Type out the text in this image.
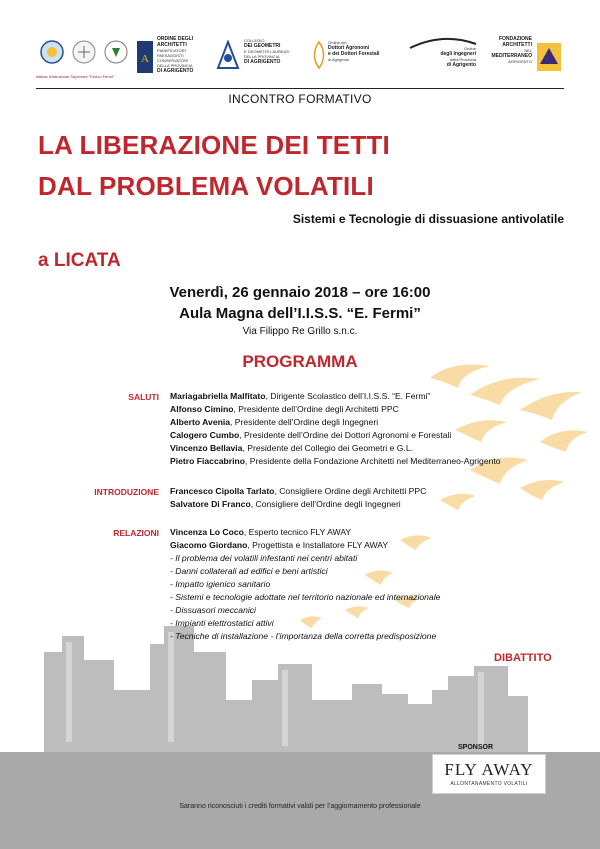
Istituto d'Istruzione Superiore "Enrico Fermi"
A
ORDINE DEGLI ARCHITETTI
PIANIFICATORI
PAESAGGISTI
CONSERVATORI
DELLA PROVINCIA
DI AGRIGENTO
COLLEGIO
DEI GEOMETRI
E GEOMETRI LAUREATI
DELLA PROVINCIA
DI AGRIGENTO
Ordine dei
Dottori Agronomi
e dei Dottori Forestali
di Agrigento
Ordine
degli Ingegneri
della Provincia
di Agrigento
FONDAZIONE
ARCHITETTI
NEL
MEDITERRANEO
AGRIGENTO
INCONTRO FORMATIVO
LA LIBERAZIONE DEI TETTI
DAL PROBLEMA VOLATILI
Sistemi e Tecnologie di dissuasione antivolatile
a LICATA
Venerdì, 26 gennaio 2018 – ore 16:00
Aula Magna dell’I.I.S.S. “E. Fermi”
Via Filippo Re Grillo s.n.c.
PROGRAMMA
SALUTI Mariagabriella Malfitato, Dirigente Scolastico dell’I.I.S.S. “E. Fermi”
Alfonso Cimino, Presidente dell’Ordine degli Architetti PPC
Alberto Avenia, Presidente dell’Ordine degli Ingegneri
Calogero Cumbo, Presidente dell’Ordine dei Dottori Agronomi e Forestali
Vincenzo Bellavia, Presidente del Collegio dei Geometri e G.L.
Pietro Fiaccabrino, Presidente della Fondazione Architetti nel Mediterraneo-Agrigento
INTRODUZIONE Francesco Cipolla Tarlato, Consigliere Ordine degli Architetti PPC
Salvatore Di Franco, Consigliere dell’Ordine degli Ingegneri
RELAZIONI Vincenza Lo Coco, Esperto tecnico FLY AWAY
Giacomo Giordano, Progettista e Installatore FLY AWAY
- Il problema dei volatili infestanti nei centri abitati
- Danni collaterali ad edifici e beni artistici
- Impatto igienico sanitario
- Sistemi e tecnologie adottate nel territorio nazionale ed internazionale
- Dissuasori meccanici
- Impianti elettrostatici attivi
- Tecniche di installazione - l’importanza della corretta predisposizione
DIBATTITO
SPONSOR
FLY AWAY
ALLONTANAMENTO VOLATILI
Saranno riconosciuti i crediti formativi validi per l’aggiornamento professionale
